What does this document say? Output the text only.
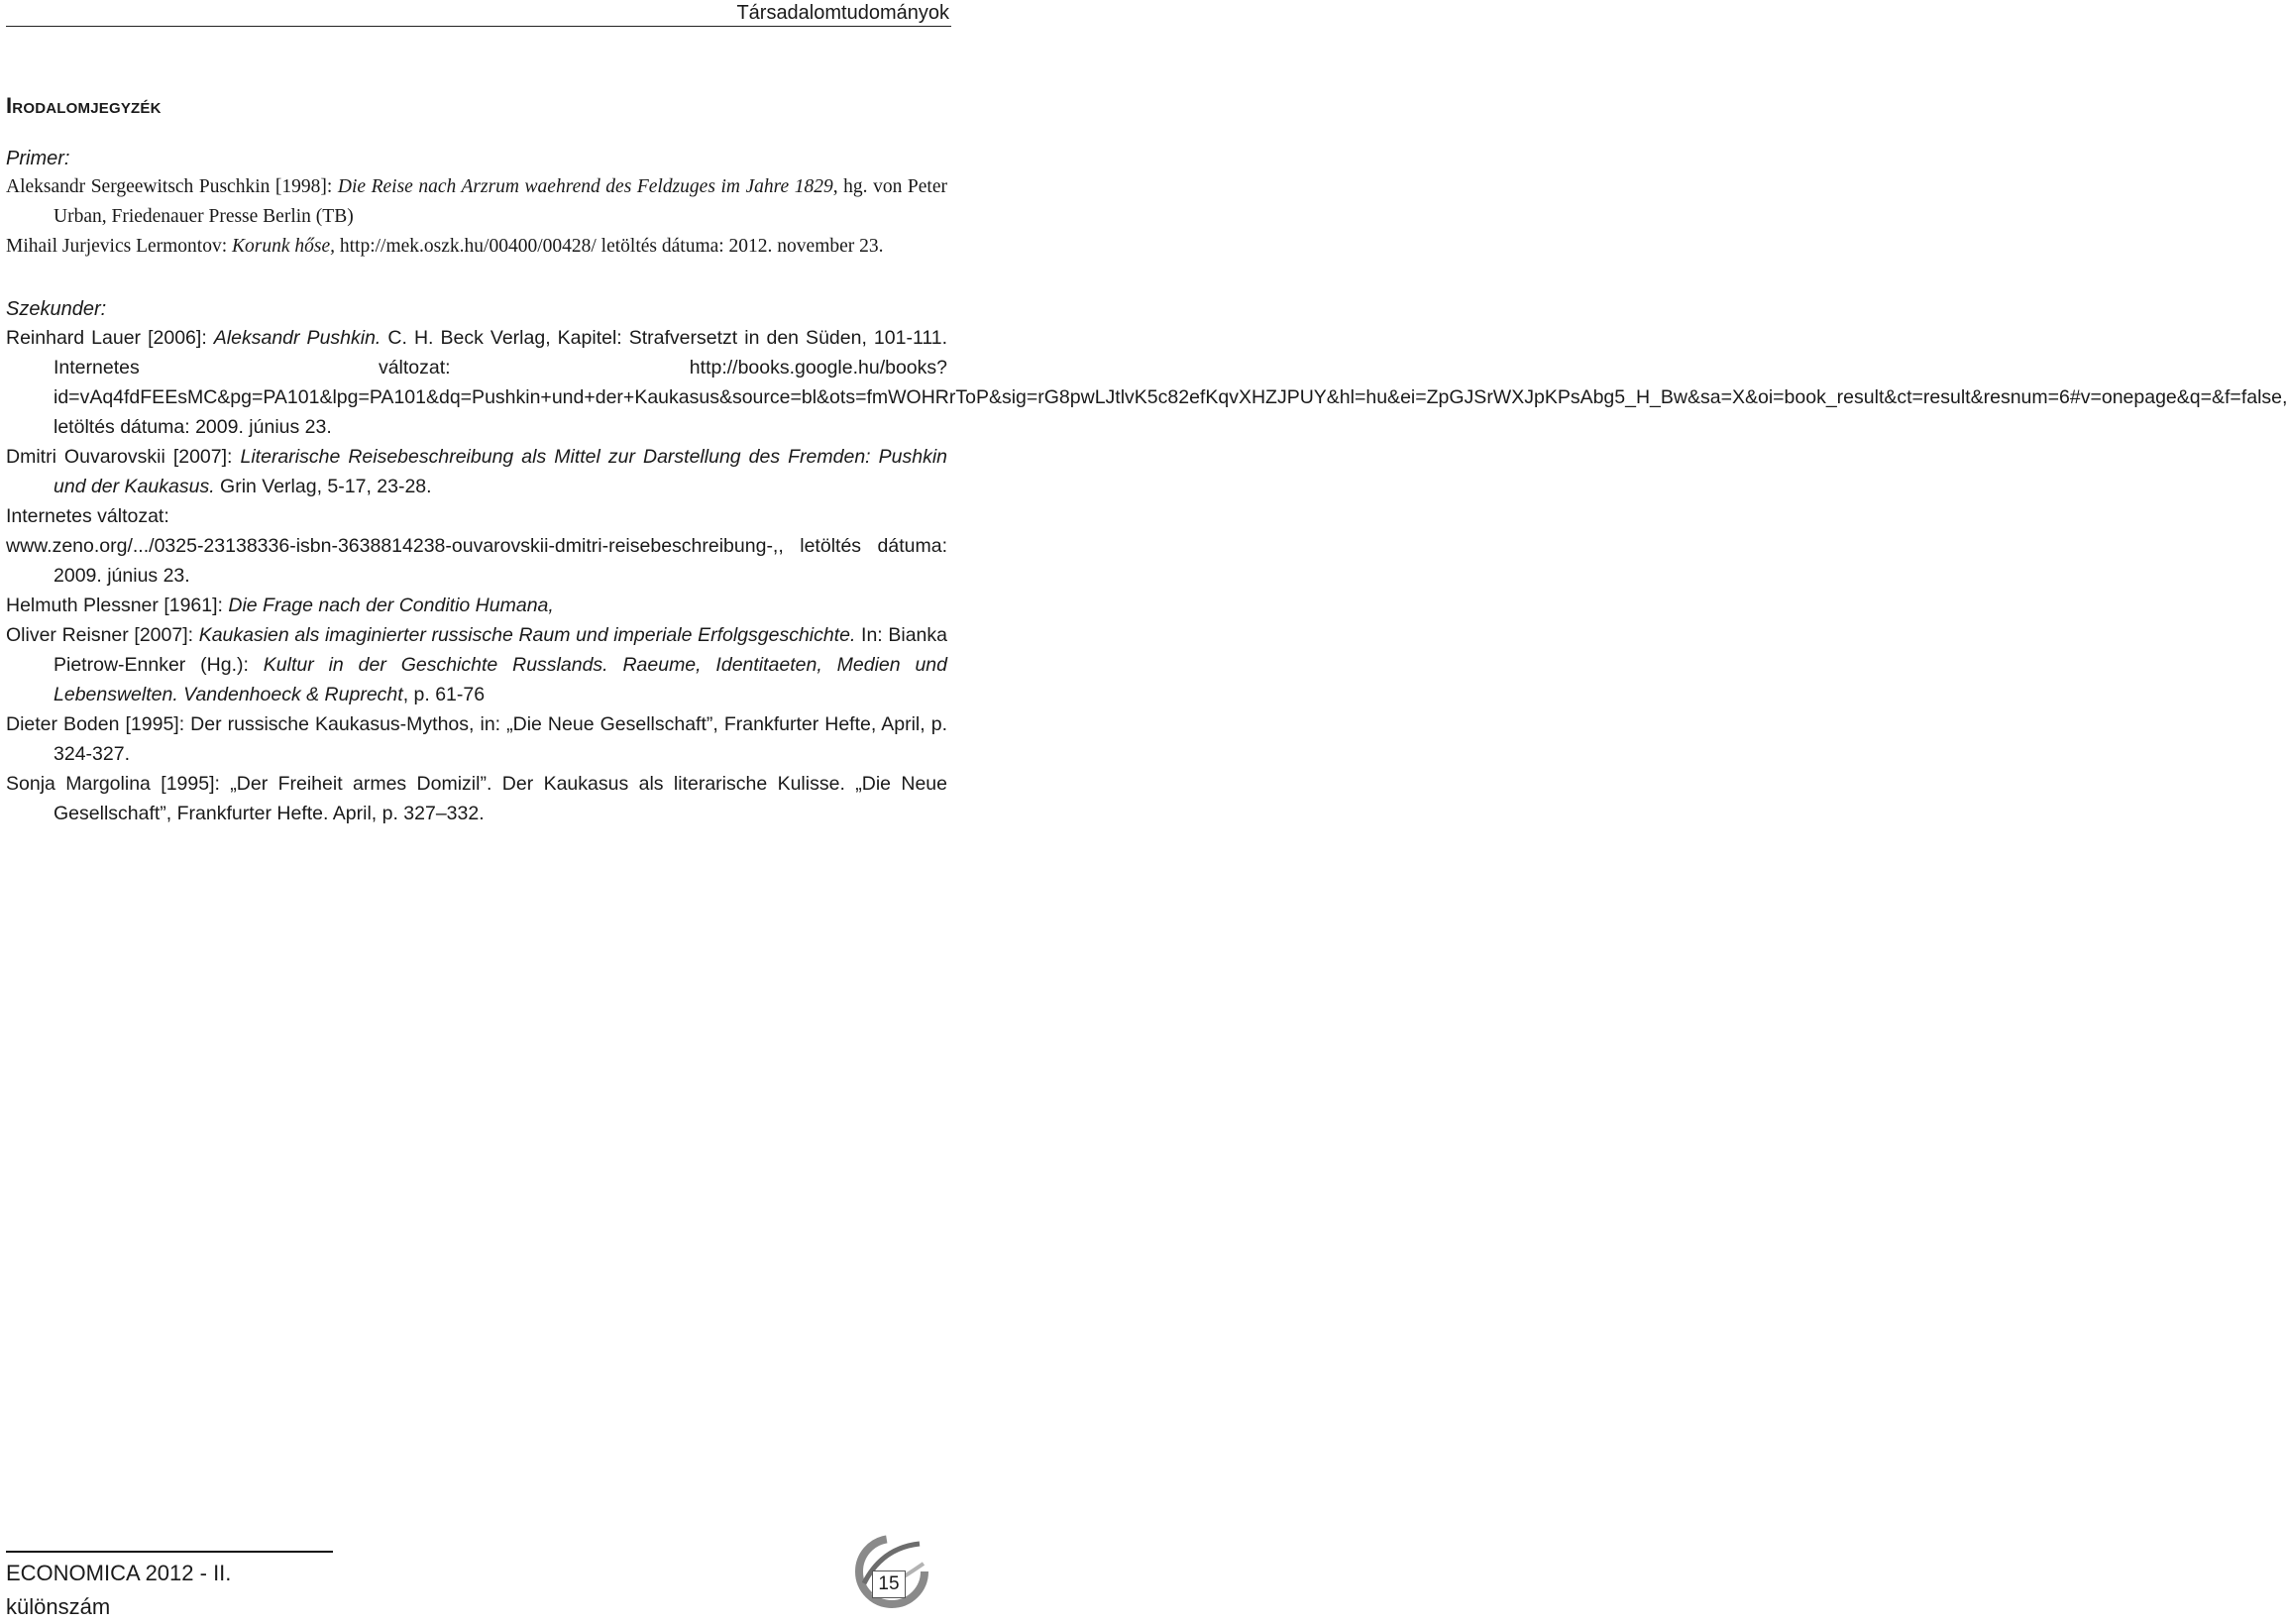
Társadalomtudományok
Irodalomjegyzék

Primer:

Aleksandr Sergeewitsch Puschkin [1998]: Die Reise nach Arzrum waehrend des Feldzuges im Jahre 1829, hg. von Peter Urban, Friedenauer Presse Berlin (TB)

Mihail Jurjevics Lermontov: Korunk hőse, http://mek.oszk.hu/00400/00428/ letöltés dátuma: 2012. november 23.

Szekunder:

Reinhard Lauer [2006]: Aleksandr Pushkin. C. H. Beck Verlag, Kapitel: Strafversetzt in den Süden, 101-111. Internetes változat: http://books.google.hu/books?id=vAq4fdFEEsMC&pg=PA101&lpg=PA101&dq=Pushkin+und+der+Kaukasus&source=bl&ots=fmWOHRrToP&sig=rG8pwLJtlvK5c82efKqvXHZJPUY&hl=hu&ei=ZpGJSrWXJpKPsAbg5_H_Bw&sa=X&oi=book_result&ct=result&resnum=6#v=onepage&q=&f=false, letöltés dátuma: 2009. június 23.

Dmitri Ouvarovskii [2007]: Literarische Reisebeschreibung als Mittel zur Darstellung des Fremden: Pushkin und der Kaukasus. Grin Verlag, 5-17, 23-28.

Internetes változat:

www.zeno.org/.../0325-23138336-isbn-3638814238-ouvarovskii-dmitri-reisebeschreibung-,, letöltés dátuma: 2009. június 23.

Helmuth Plessner [1961]: Die Frage nach der Conditio Humana,

Oliver Reisner [2007]: Kaukasien als imaginierter russische Raum und imperiale Erfolgsgeschichte. In: Bianka Pietrow-Ennker (Hg.): Kultur in der Geschichte Russlands. Raeume, Identitaeten, Medien und Lebenswelten. Vandenhoeck & Ruprecht, p. 61-76

Dieter Boden [1995]: Der russische Kaukasus-Mythos, in: „Die Neue Gesellschaft”, Frankfurter Hefte, April, p. 324-327.

Sonja Margolina [1995]: „Der Freiheit armes Domizil”. Der Kaukasus als literarische Kulisse. „Die Neue Gesellschaft”, Frankfurter Hefte. April, p. 327–332.

ECONOMICA 2012 - II. különszám
15
